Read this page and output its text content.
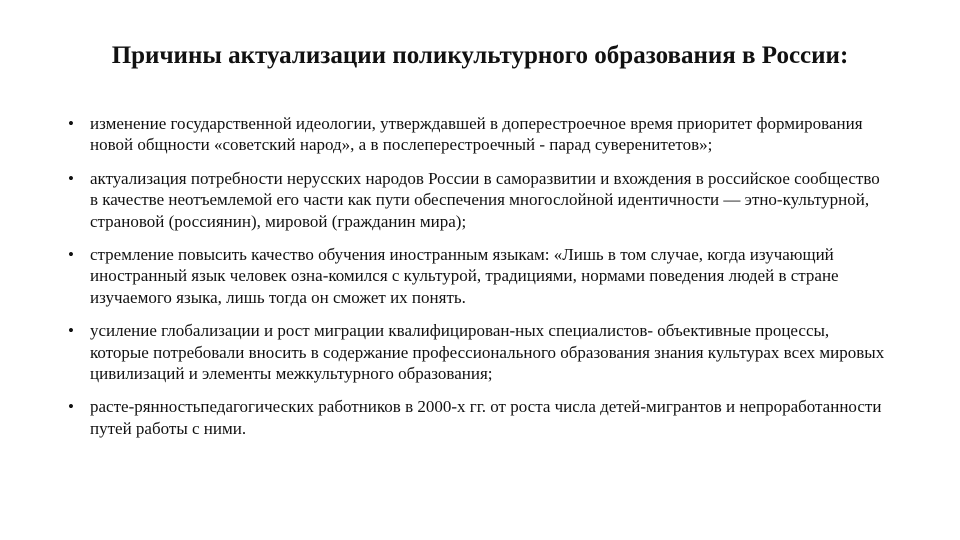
Причины актуализации поликультурного образования в России:
• изменение государственной идеологии, утверждавшей в доперестроечное время приоритет формирования новой общности «советский народ», а в послеперестроечный - парад суверенитетов»;
• актуализация потребности нерусских народов России в саморазвитии и вхождения в российское сообщество в качестве неотъемлемой его части как пути обеспечения многослойной идентичности — этно-культурной, страновой (россиянин), мировой (гражданин мира);
• стремление повысить качество обучения иностранным языкам: «Лишь в том случае, когда изучающий иностранный язык человек озна-комился с культурой, традициями, нормами поведения людей в стране изучаемого языка, лишь тогда он сможет их понять.
• усиление глобализации и рост миграции квалифицирован-ных специалистов- объективные процессы, которые потребовали вносить в содержание профессионального образования знания культурах всех мировых цивилизаций и элементы межкультурного образования;
• расте-рянностьпедагогических работников в 2000-х гг. от роста числа детей-мигрантов и непроработанности путей работы с ними.
